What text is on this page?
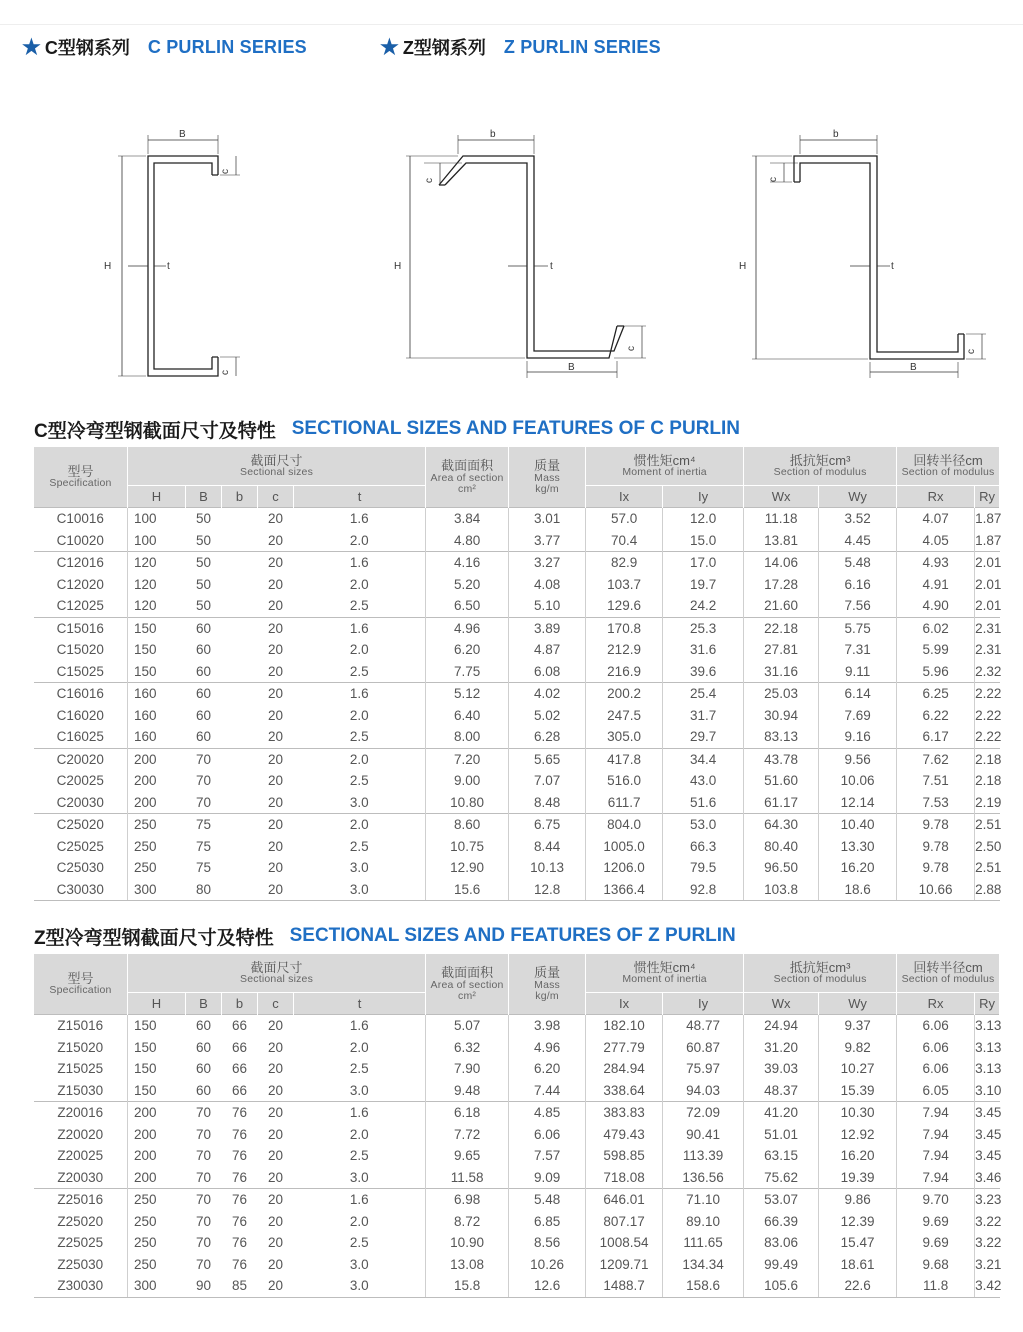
★ C型钢系列 C PURLIN SERIES	★ Z型钢系列 Z PURLIN SERIES
B
H	t
c
c
b
H	t
c
c
B
b
H	t
c
c
B
C型冷弯型钢截面尺寸及特性 SECTIONAL SIZES AND FEATURES OF C PURLIN
型号
Specification	截面尺寸
Sectional sizes					截面面积
Area of section
cm²	质量
Mass
kg/m	惯性矩cm⁴
Moment of inertia		抵抗矩cm³
Section of modulus		回转半径cm
Section of modulus	

	H	B	b	c	t			Ix	Iy	Wx	Wy	Rx	Ry
C10016	100	50		20	1.6	3.84	3.01	57.0	12.0	11.18	3.52	4.07	1.87
C10020	100	50		20	2.0	4.80	3.77	70.4	15.0	13.81	4.45	4.05	1.87
C12016	120	50		20	1.6	4.16	3.27	82.9	17.0	14.06	5.48	4.93	2.01
C12020	120	50		20	2.0	5.20	4.08	103.7	19.7	17.28	6.16	4.91	2.01
C12025	120	50		20	2.5	6.50	5.10	129.6	24.2	21.60	7.56	4.90	2.01
C15016	150	60		20	1.6	4.96	3.89	170.8	25.3	22.18	5.75	6.02	2.31
C15020	150	60		20	2.0	6.20	4.87	212.9	31.6	27.81	7.31	5.99	2.31
C15025	150	60		20	2.5	7.75	6.08	216.9	39.6	31.16	9.11	5.96	2.32
C16016	160	60		20	1.6	5.12	4.02	200.2	25.4	25.03	6.14	6.25	2.22
C16020	160	60		20	2.0	6.40	5.02	247.5	31.7	30.94	7.69	6.22	2.22
C16025	160	60		20	2.5	8.00	6.28	305.0	29.7	83.13	9.16	6.17	2.22
C20020	200	70		20	2.0	7.20	5.65	417.8	34.4	43.78	9.56	7.62	2.18
C20025	200	70		20	2.5	9.00	7.07	516.0	43.0	51.60	10.06	7.51	2.18
C20030	200	70		20	3.0	10.80	8.48	611.7	51.6	61.17	12.14	7.53	2.19
C25020	250	75		20	2.0	8.60	6.75	804.0	53.0	64.30	10.40	9.78	2.51
C25025	250	75		20	2.5	10.75	8.44	1005.0	66.3	80.40	13.30	9.78	2.50
C25030	250	75		20	3.0	12.90	10.13	1206.0	79.5	96.50	16.20	9.78	2.51
C30030	300	80		20	3.0	15.6	12.8	1366.4	92.8	103.8	18.6	10.66	2.88
Z型冷弯型钢截面尺寸及特性 SECTIONAL SIZES AND FEATURES OF Z PURLIN
型号
Specification	截面尺寸
Sectional sizes					截面面积
Area of section
cm²	质量
Mass
kg/m	惯性矩cm⁴
Moment of inertia		抵抗矩cm³
Section of modulus		回转半径cm
Section of modulus	

	H	B	b	c	t			Ix	Iy	Wx	Wy	Rx	Ry
Z15016	150	60	66	20	1.6	5.07	3.98	182.10	48.77	24.94	9.37	6.06	3.13
Z15020	150	60	66	20	2.0	6.32	4.96	277.79	60.87	31.20	9.82	6.06	3.13
Z15025	150	60	66	20	2.5	7.90	6.20	284.94	75.97	39.03	10.27	6.06	3.13
Z15030	150	60	66	20	3.0	9.48	7.44	338.64	94.03	48.37	15.39	6.05	3.10
Z20016	200	70	76	20	1.6	6.18	4.85	383.83	72.09	41.20	10.30	7.94	3.45
Z20020	200	70	76	20	2.0	7.72	6.06	479.43	90.41	51.01	12.92	7.94	3.45
Z20025	200	70	76	20	2.5	9.65	7.57	598.85	113.39	63.15	16.20	7.94	3.45
Z20030	200	70	76	20	3.0	11.58	9.09	718.08	136.56	75.62	19.39	7.94	3.46
Z25016	250	70	76	20	1.6	6.98	5.48	646.01	71.10	53.07	9.86	9.70	3.23
Z25020	250	70	76	20	2.0	8.72	6.85	807.17	89.10	66.39	12.39	9.69	3.22
Z25025	250	70	76	20	2.5	10.90	8.56	1008.54	111.65	83.06	15.47	9.69	3.22
Z25030	250	70	76	20	3.0	13.08	10.26	1209.71	134.34	99.49	18.61	9.68	3.21
Z30030	300	90	85	20	3.0	15.8	12.6	1488.7	158.6	105.6	22.6	11.8	3.42
